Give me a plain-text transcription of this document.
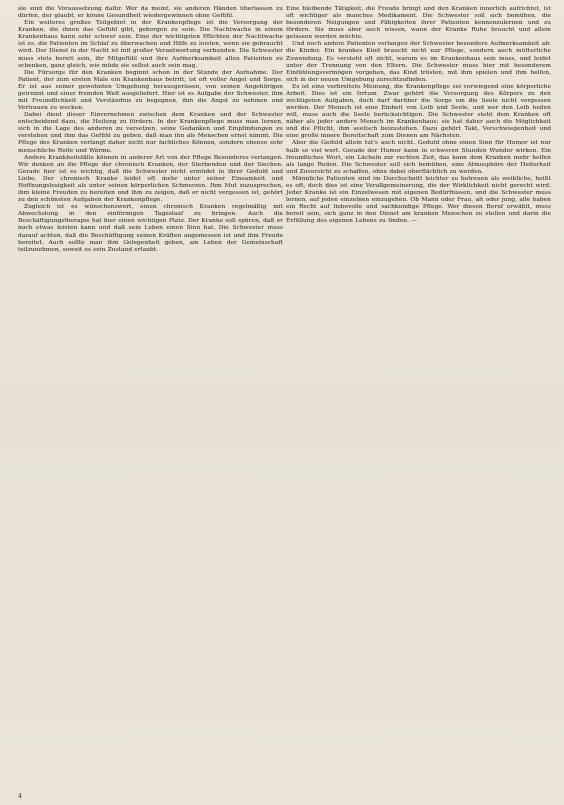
sie sind die Voraussetzung dafür. Wer da meint, sie anderen Händen überlassen zu dürfen, der glaubt, er könne Gesundheit wiedergewinnen ohne Gefühl.

Ein weiteres großes Teilgebiet in der Krankenpflege ist die Versorgung der Kranken, die ihnen das Gefühl gibt, geborgen zu sein. Die Nachtwache in einem Krankenhaus kann sehr schwer sein. Eine der wichtigsten Pflichten der Nachtwache ist es, die Patienten im Schlaf zu überwachen und Hilfe zu leisten, wenn sie gebraucht wird. Der Dienst in der Nacht ist mit großer Verantwortung verbunden. Die Schwester muss stets bereit sein, ihr Mitgefühl und ihre Aufmerksamkeit allen Patienten zu schenken, ganz gleich, wie müde sie selbst auch sein mag.

Die Fürsorge für den Kranken beginnt schon in der Stunde der Aufnahme. Der Patient, der zum ersten Male ein Krankenhaus betritt, ist oft voller Angst und Sorge. Er ist aus seiner gewohnten Umgebung herausgerissen, von seinen Angehörigen getrennt und einer fremden Welt ausgeliefert. Hier ist es Aufgabe der Schwester, ihm mit Freundlichkeit und Verständnis zu begegnen, ihm die Angst zu nehmen und Vertrauen zu wecken.

Dabei dient dieser Einvernehmen zwischen dem Kranken und der Schwester entscheidend dazu, die Heilung zu fördern. In der Krankenpflege muss man lernen, sich in die Lage des anderen zu versetzen, seine Gedanken und Empfindungen zu verstehen und ihm das Gefühl zu geben, daß man ihn als Menschen ernst nimmt. Die Pflege des Kranken verlangt daher nicht nur fachliches Können, sondern ebenso sehr menschliche Reife und Wärme.

Andere Krankheitsfälle können in anderer Art von der Pflege Besonderes verlangen. Wir denken an die Pflege der chronisch Kranken, der Sterbenden und der Siechen. Gerade hier ist es wichtig, daß die Schwester nicht ermüdet in ihrer Geduld und Liebe. Der chronisch Kranke leidet oft mehr unter seiner Einsamkeit und Hoffnungslosigkeit als unter seinen körperlichen Schmerzen. Ihm Mut zuzusprechen, ihm kleine Freuden zu bereiten und ihm zu zeigen, daß er nicht vergessen ist, gehört zu den schönsten Aufgaben der Krankenpflege.

Zugleich ist es wünschenswert, einen chronisch Kranken regelmäßig mit Abwechslung in den einförmigen Tageslauf zu bringen. Auch die Beschäftigungstherapie hat hier einen wichtigen Platz. Der Kranke soll spüren, daß er noch etwas leisten kann und daß sein Leben einen Sinn hat. Die Schwester muss darauf achten, daß die Beschäftigung seinen Kräften angemessen ist und ihm Freude bereitet. Auch sollte man ihm Gelegenheit geben, am Leben der Gemeinschaft teilzunehmen, soweit es sein Zustand erlaubt.

Eine bleibende Tätigkeit, die Freude bringt und den Kranken innerlich aufrichtet, ist oft wichtiger als manches Medikament. Die Schwester soll sich bemühen, die besonderen Neigungen und Fähigkeiten ihrer Patienten kennenzulernen und zu fördern. Sie muss aber auch wissen, wann der Kranke Ruhe braucht und allein gelassen werden möchte.

Und noch andere Patienten verlangen der Schwester besondere Aufmerksamkeit ab: die Kinder. Ein krankes Kind braucht nicht nur Pflege, sondern auch mütterliche Zuwendung. Es versteht oft nicht, warum es im Krankenhaus sein muss, und leidet unter der Trennung von den Eltern. Die Schwester muss hier mit besonderem Einfühlungsvermögen vorgehen, das Kind trösten, mit ihm spielen und ihm helfen, sich in der neuen Umgebung zurechtzufinden.

Es ist eine verbreitete Meinung, die Krankenpflege sei vorwiegend eine körperliche Arbeit. Dies ist ein Irrtum. Zwar gehört die Versorgung des Körpers zu den wichtigsten Aufgaben, doch darf darüber die Sorge um die Seele nicht vergessen werden. Der Mensch ist eine Einheit von Leib und Seele, und wer den Leib heilen will, muss auch die Seele berücksichtigen. Die Schwester steht dem Kranken oft näher als jeder andere Mensch im Krankenhaus; sie hat daher auch die Möglichkeit und die Pflicht, ihm seelisch beizustehen. Dazu gehört Takt, Verschwiegenheit und eine große innere Bereitschaft zum Dienen am Nächsten.

Aber die Geduld allein tut's auch nicht. Geduld ohne einen Sinn für Humor ist nur halb so viel wert. Gerade der Humor kann in schweren Stunden Wunder wirken. Ein freundliches Wort, ein Lächeln zur rechten Zeit, das kann dem Kranken mehr helfen als lange Reden. Die Schwester soll sich bemühen, eine Atmosphäre der Heiterkeit und Zuversicht zu schaffen, ohne dabei oberflächlich zu werden.

Männliche Patienten sind im Durchschnitt leichter zu betreuen als weibliche, heißt es oft, doch dies ist eine Verallgemeinerung, die der Wirklichkeit nicht gerecht wird. Jeder Kranke ist ein Einzelwesen mit eigenen Bedürfnissen, und die Schwester muss lernen, auf jeden einzelnen einzugehen. Ob Mann oder Frau, alt oder jung, alle haben ein Recht auf liebevolle und sachkundige Pflege. Wer diesen Beruf erwählt, muss bereit sein, sich ganz in den Dienst am kranken Menschen zu stellen und darin die Erfüllung des eigenen Lebens zu finden. —

4
